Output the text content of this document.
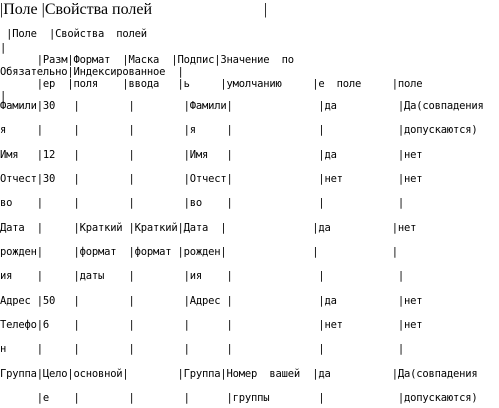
|Поле |Свойства полей                            |
|Поле  |Свойства  полей
|
|Разм|Формат  |Маска  |Подпис|Значение  по
Обязательно|Индексированное  |
|ер  |поля    |ввода   |ь     |умолчанию     |е  поле     |поле
|
Фамили|30   |        |        |Фамили|              |да          |Да(совпадения
я     |     |        |        |я     |              |            |допускаются)
Имя   |12   |        |        |Имя   |              |да          |нет
Отчест|30   |        |        |Отчест|              |нет         |нет
во    |     |        |        |во    |              |            |
Дата  |     |Краткий |Краткий|Дата  |              |да          |нет
рожден|     |формат  |формат |рожден|              |            |
ия    |     |даты    |        |ия    |              |            |
Адрес |50   |        |        |Адрес |              |да          |нет
Телефо|6    |        |        |      |              |нет         |нет
н     |     |        |        |      |              |            |
Группа|Цело|основной|        |Группа|Номер  вашей  |да          |Да(совпадения
|е    |        |        |      |группы        |            |допускаются)
